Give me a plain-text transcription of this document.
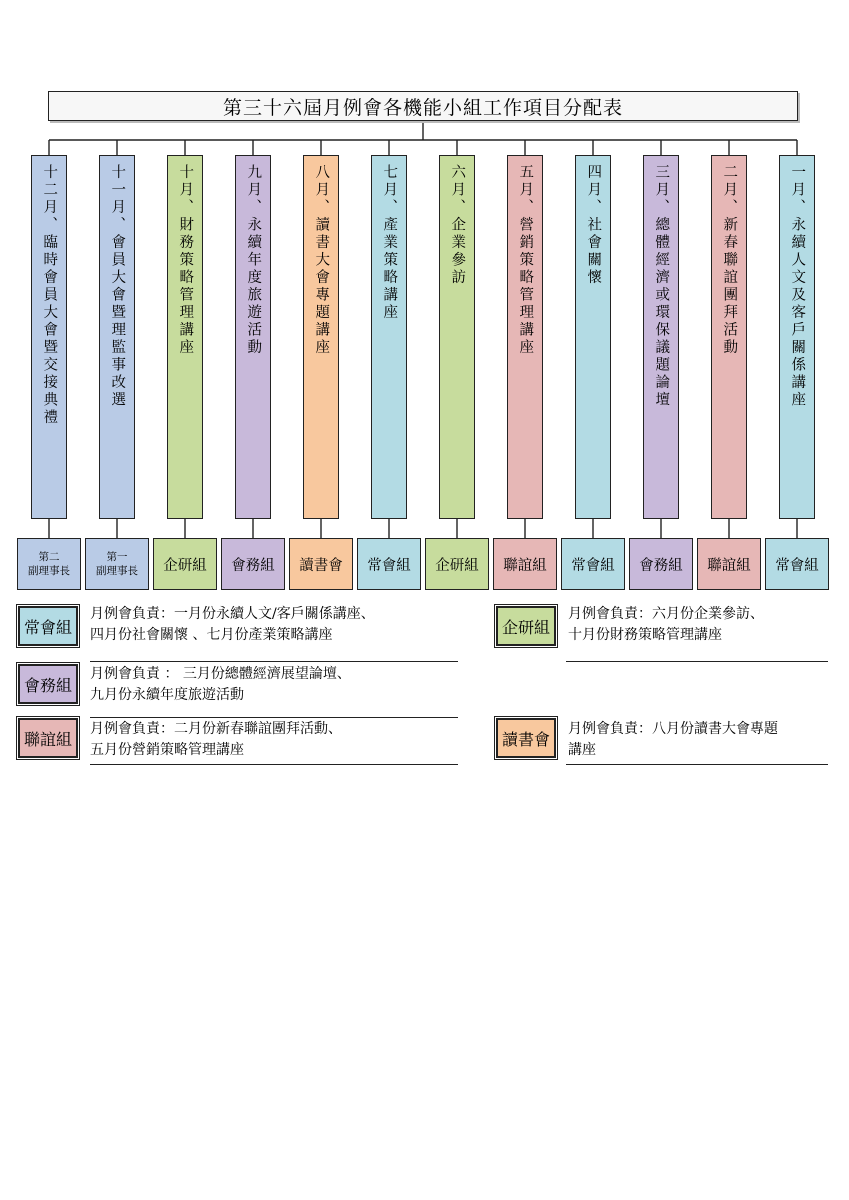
第三十六屆月例會各機能小組工作項目分配表
十二月、臨時會員大會暨交接典禮	十一月、會員大會暨理監事改選	十月、財務策略管理講座	九月、永續年度旅遊活動	八月、讀書大會專題講座	七月、產業策略講座	六月、企業參訪	五月、營銷策略管理講座	四月、社會關懷	三月、總體經濟或環保議題論壇	二月、新春聯誼團拜活動	一月、永續人文及客戶關係講座
第二
副理事長
第一
副理事長 企研組 會務組 讀書會 常會組 企研組 聯誼組 常會組 會務組 聯誼組 常會組
常會組
月例會負責：一月份永續人文/客戶關係講座、
四月份社會關懷 、七月份產業策略講座	企研組
月例會負責：六月份企業參訪、
十月份財務策略管理講座
會務組
月例會負責 ： 三月份總體經濟展望論壇、
九月份永續年度旅遊活動
聯誼組
月例會負責：二月份新春聯誼團拜活動、
五月份營銷策略管理講座
讀書會
月例會負責：八月份讀書大會專題
講座
